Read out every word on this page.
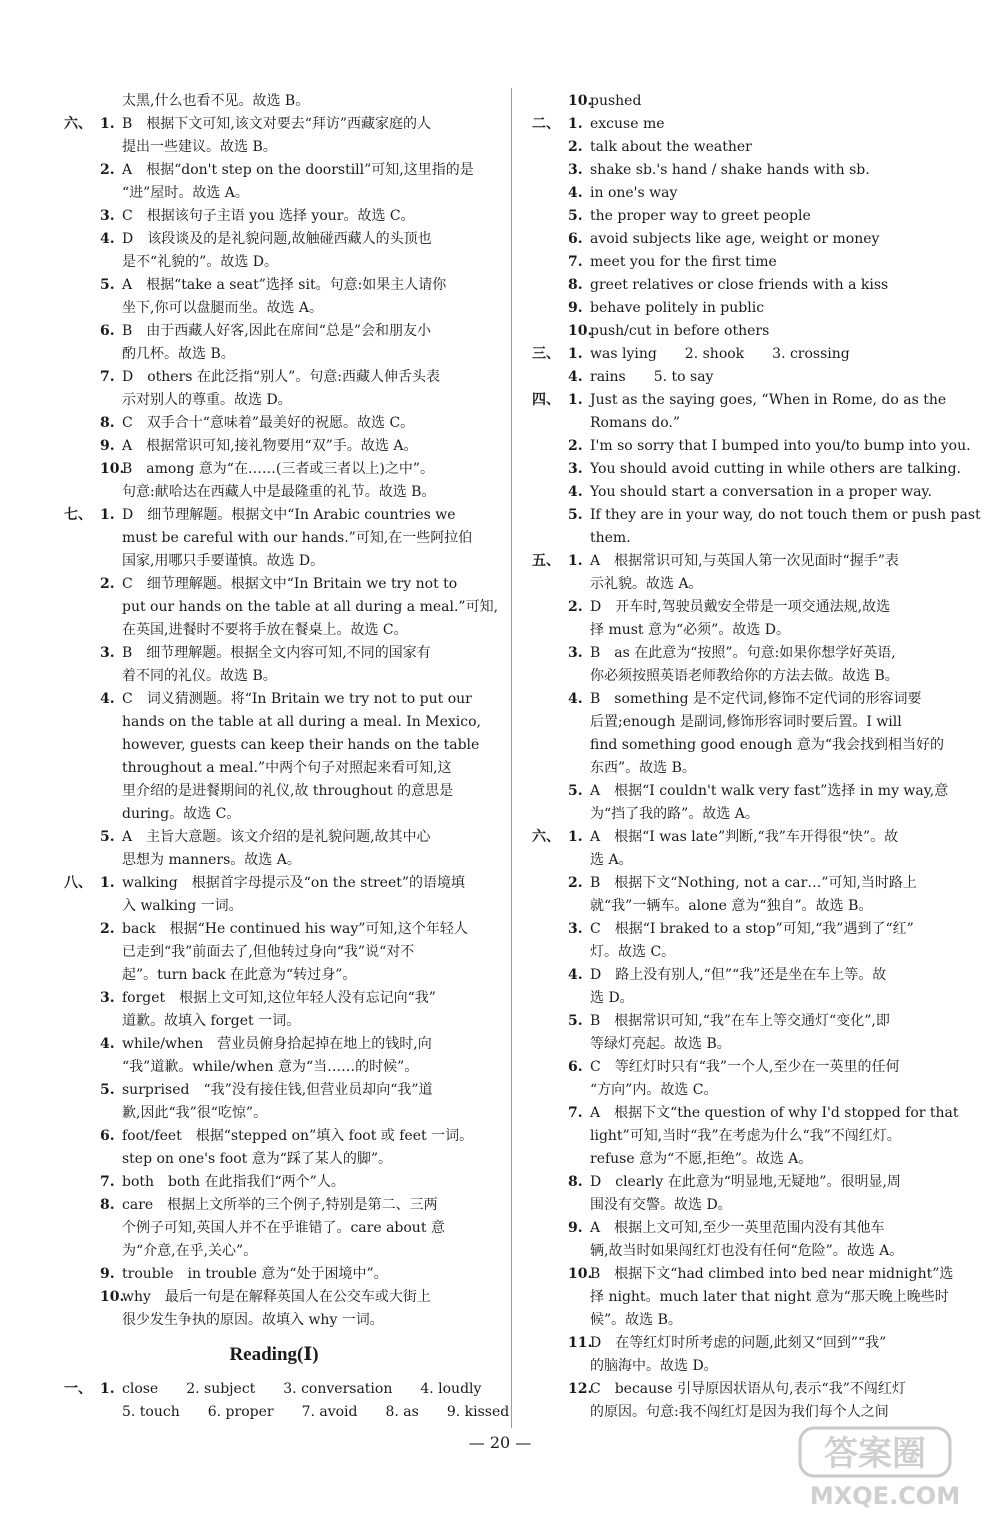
太黑,什么也看不见。故选 B。
六、 1. B　根据下文可知,该文对要去“拜访”西藏家庭的人
提出一些建议。故选 B。
2. A　根据“don't step on the doorstill”可知,这里指的是
“进”屋时。故选 A。
3. C　根据该句子主语 you 选择 your。故选 C。
4. D　该段谈及的是礼貌问题,故触碰西藏人的头顶也
是不“礼貌的”。故选 D。
5. A　根据“take a seat”选择 sit。句意:如果主人请你
坐下,你可以盘腿而坐。故选 A。
6. B　由于西藏人好客,因此在席间“总是”会和朋友小
酌几杯。故选 B。
7. D　others 在此泛指“别人”。句意:西藏人伸舌头表
示对别人的尊重。故选 D。
8. C　双手合十“意味着”最美好的祝愿。故选 C。
9. A　根据常识可知,接礼物要用“双”手。故选 A。
10.
B　among 意为“在……(三者或三者以上)之中”。
句意:献哈达在西藏人中是最隆重的礼节。故选 B。
七、 1. D　细节理解题。根据文中“In Arabic countries we
must be careful with our hands.”可知,在一些阿拉伯
国家,用哪只手要谨慎。故选 D。
2. C　细节理解题。根据文中“In Britain we try not to
put our hands on the table at all during a meal.”可知,
在英国,进餐时不要将手放在餐桌上。故选 C。
3. B　细节理解题。根据全文内容可知,不同的国家有
着不同的礼仪。故选 B。
4. C　词义猜测题。将“In Britain we try not to put our
hands on the table at all during a meal. In Mexico,
however, guests can keep their hands on the table
throughout a meal.”中两个句子对照起来看可知,这
里介绍的是进餐期间的礼仪,故 throughout 的意思是
during。故选 C。
5. A　主旨大意题。该文介绍的是礼貌问题,故其中心
思想为 manners。故选 A。
八、 1. walking　根据首字母提示及“on the street”的语境填
入 walking 一词。
2. back　根据“He continued his way”可知,这个年轻人
已走到“我”前面去了,但他转过身向“我”说“对不
起”。turn back 在此意为“转过身”。
3. forget　根据上文可知,这位年轻人没有忘记向“我”
道歉。故填入 forget 一词。
4. while/when　营业员俯身拾起掉在地上的钱时,向
“我”道歉。while/when 意为“当……的时候”。
5. surprised　“我”没有接住钱,但营业员却向“我”道
歉,因此“我”很“吃惊”。
6. foot/feet　根据“stepped on”填入 foot 或 feet 一词。
step on one's foot 意为“踩了某人的脚”。
7. both　both 在此指我们“两个”人。
8. care　根据上文所举的三个例子,特别是第二、三两
个例子可知,英国人并不在乎谁错了。care about 意
为“介意,在乎,关心”。
9. trouble　in trouble 意为“处于困境中”。
10.
why　最后一句是在解释英国人在公交车或大街上
很少发生争执的原因。故填入 why 一词。
Reading(Ⅰ)
一、 1. close　　2. subject　　3. conversation　　4. loudly
5. touch　　6. proper　　7. avoid　　8. as　　9. kissed
10.
pushed
二、 1. excuse me
2. talk about the weather
3. shake sb.'s hand / shake hands with sb.
4. in one's way
5. the proper way to greet people
6. avoid subjects like age, weight or money
7. meet you for the first time
8. greet relatives or close friends with a kiss
9. behave politely in public
10.
push/cut in before others
三、 1. was lying　　2. shook　　3. crossing
4. rains　　5. to say
四、 1. Just as the saying goes, “When in Rome, do as the
Romans do.”
2. I'm so sorry that I bumped into you/to bump into you.
3. You should avoid cutting in while others are talking.
4. You should start a conversation in a proper way.
5. If they are in your way, do not touch them or push past
them.
五、 1. A　根据常识可知,与英国人第一次见面时“握手”表
示礼貌。故选 A。
2. D　开车时,驾驶员戴安全带是一项交通法规,故选
择 must 意为“必须”。故选 D。
3. B　as 在此意为“按照”。句意:如果你想学好英语,
你必须按照英语老师教给你的方法去做。故选 B。
4. B　something 是不定代词,修饰不定代词的形容词要
后置;enough 是副词,修饰形容词时要后置。I will
find something good enough 意为“我会找到相当好的
东西”。故选 B。
5. A　根据“I couldn't walk very fast”选择 in my way,意
为“挡了我的路”。故选 A。
六、 1. A　根据“I was late”判断,“我”车开得很“快”。故
选 A。
2. B　根据下文“Nothing, not a car…”可知,当时路上
就“我”一辆车。alone 意为“独自”。故选 B。
3. C　根据“I braked to a stop”可知,“我”遇到了“红”
灯。故选 C。
4. D　路上没有别人,“但”“我”还是坐在车上等。故
选 D。
5. B　根据常识可知,“我”在车上等交通灯“变化”,即
等绿灯亮起。故选 B。
6. C　等红灯时只有“我”一个人,至少在一英里的任何
“方向”内。故选 C。
7. A　根据下文“the question of why I'd stopped for that
light”可知,当时“我”在考虑为什么“我”不闯红灯。
refuse 意为“不愿,拒绝”。故选 A。
8. D　clearly 在此意为“明显地,无疑地”。很明显,周
围没有交警。故选 D。
9. A　根据上文可知,至少一英里范围内没有其他车
辆,故当时如果闯红灯也没有任何“危险”。故选 A。
10.
B　根据下文“had climbed into bed near midnight”选
择 night。much later that night 意为“那天晚上晚些时
候”。故选 B。
11.
D　在等红灯时所考虑的问题,此刻又“回到”“我”
的脑海中。故选 D。
12.
C　because 引导原因状语从句,表示“我”不闯红灯
的原因。句意:我不闯红灯是因为我们每个人之间
— 20 —	答案圈
MXQE.COM
